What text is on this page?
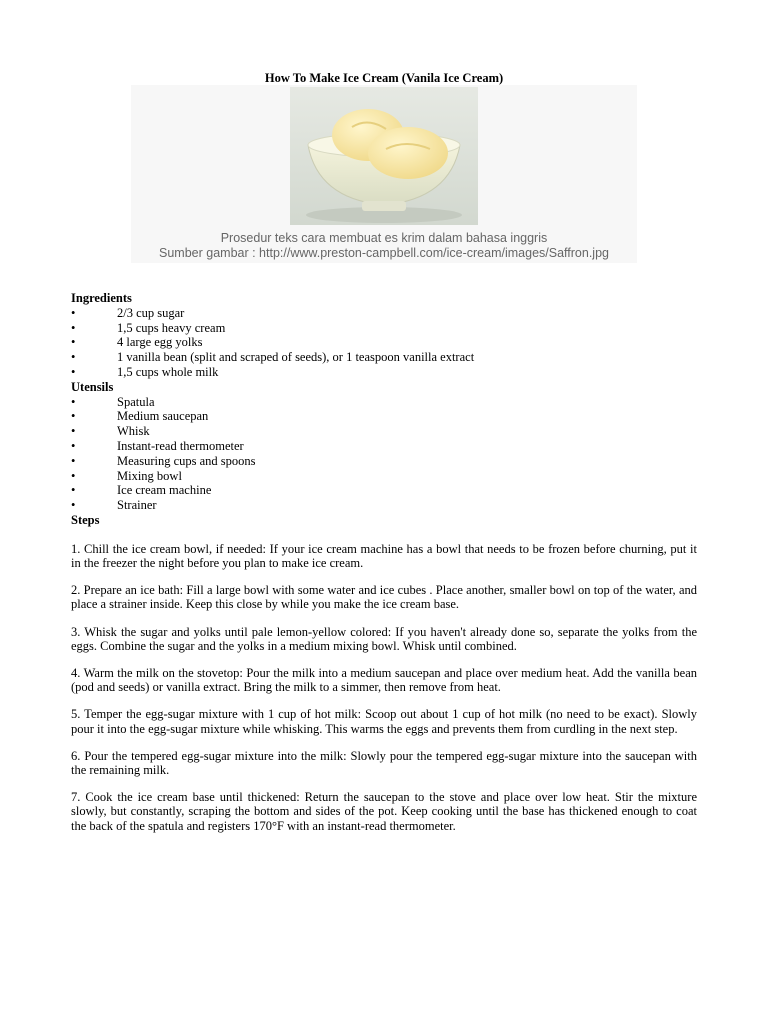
How To Make Ice Cream (Vanila Ice Cream)
Prosedur teks cara membuat es krim dalam bahasa inggris
Sumber gambar : http://www.preston-campbell.com/ice-cream/images/Saffron.jpg
Ingredients
•	2/3 cup sugar
•	1,5 cups heavy cream
•	4 large egg yolks
•	1 vanilla bean (split and scraped of seeds), or 1 teaspoon vanilla extract
•	1,5 cups whole milk
Utensils
•	Spatula
•	Medium saucepan
•	Whisk
•	Instant-read thermometer
•	Measuring cups and spoons
•	Mixing bowl
•	Ice cream machine
•	Strainer
Steps

1. Chill the ice cream bowl, if needed: If your ice cream machine has a bowl that needs to be frozen before churning, put it in the freezer the night before you plan to make ice cream.

2. Prepare an ice bath: Fill a large bowl with some water and ice cubes . Place another, smaller bowl on top of the water, and place a strainer inside. Keep this close by while you make the ice cream base.

3. Whisk the sugar and yolks until pale lemon-yellow colored: If you haven't already done so, separate the yolks from the eggs. Combine the sugar and the yolks in a medium mixing bowl. Whisk until combined.

4. Warm the milk on the stovetop: Pour the milk into a medium saucepan and place over medium heat. Add the vanilla bean (pod and seeds) or vanilla extract. Bring the milk to a simmer, then remove from heat.

5. Temper the egg-sugar mixture with 1 cup of hot milk: Scoop out about 1 cup of hot milk (no need to be exact). Slowly pour it into the egg-sugar mixture while whisking. This warms the eggs and prevents them from curdling in the next step.

6. Pour the tempered egg-sugar mixture into the milk: Slowly pour the tempered egg-sugar mixture into the saucepan with the remaining milk.

7. Cook the ice cream base until thickened: Return the saucepan to the stove and place over low heat. Stir the mixture slowly, but constantly, scraping the bottom and sides of the pot. Keep cooking until the base has thickened enough to coat the back of the spatula and registers 170°F with an instant-read thermometer.
